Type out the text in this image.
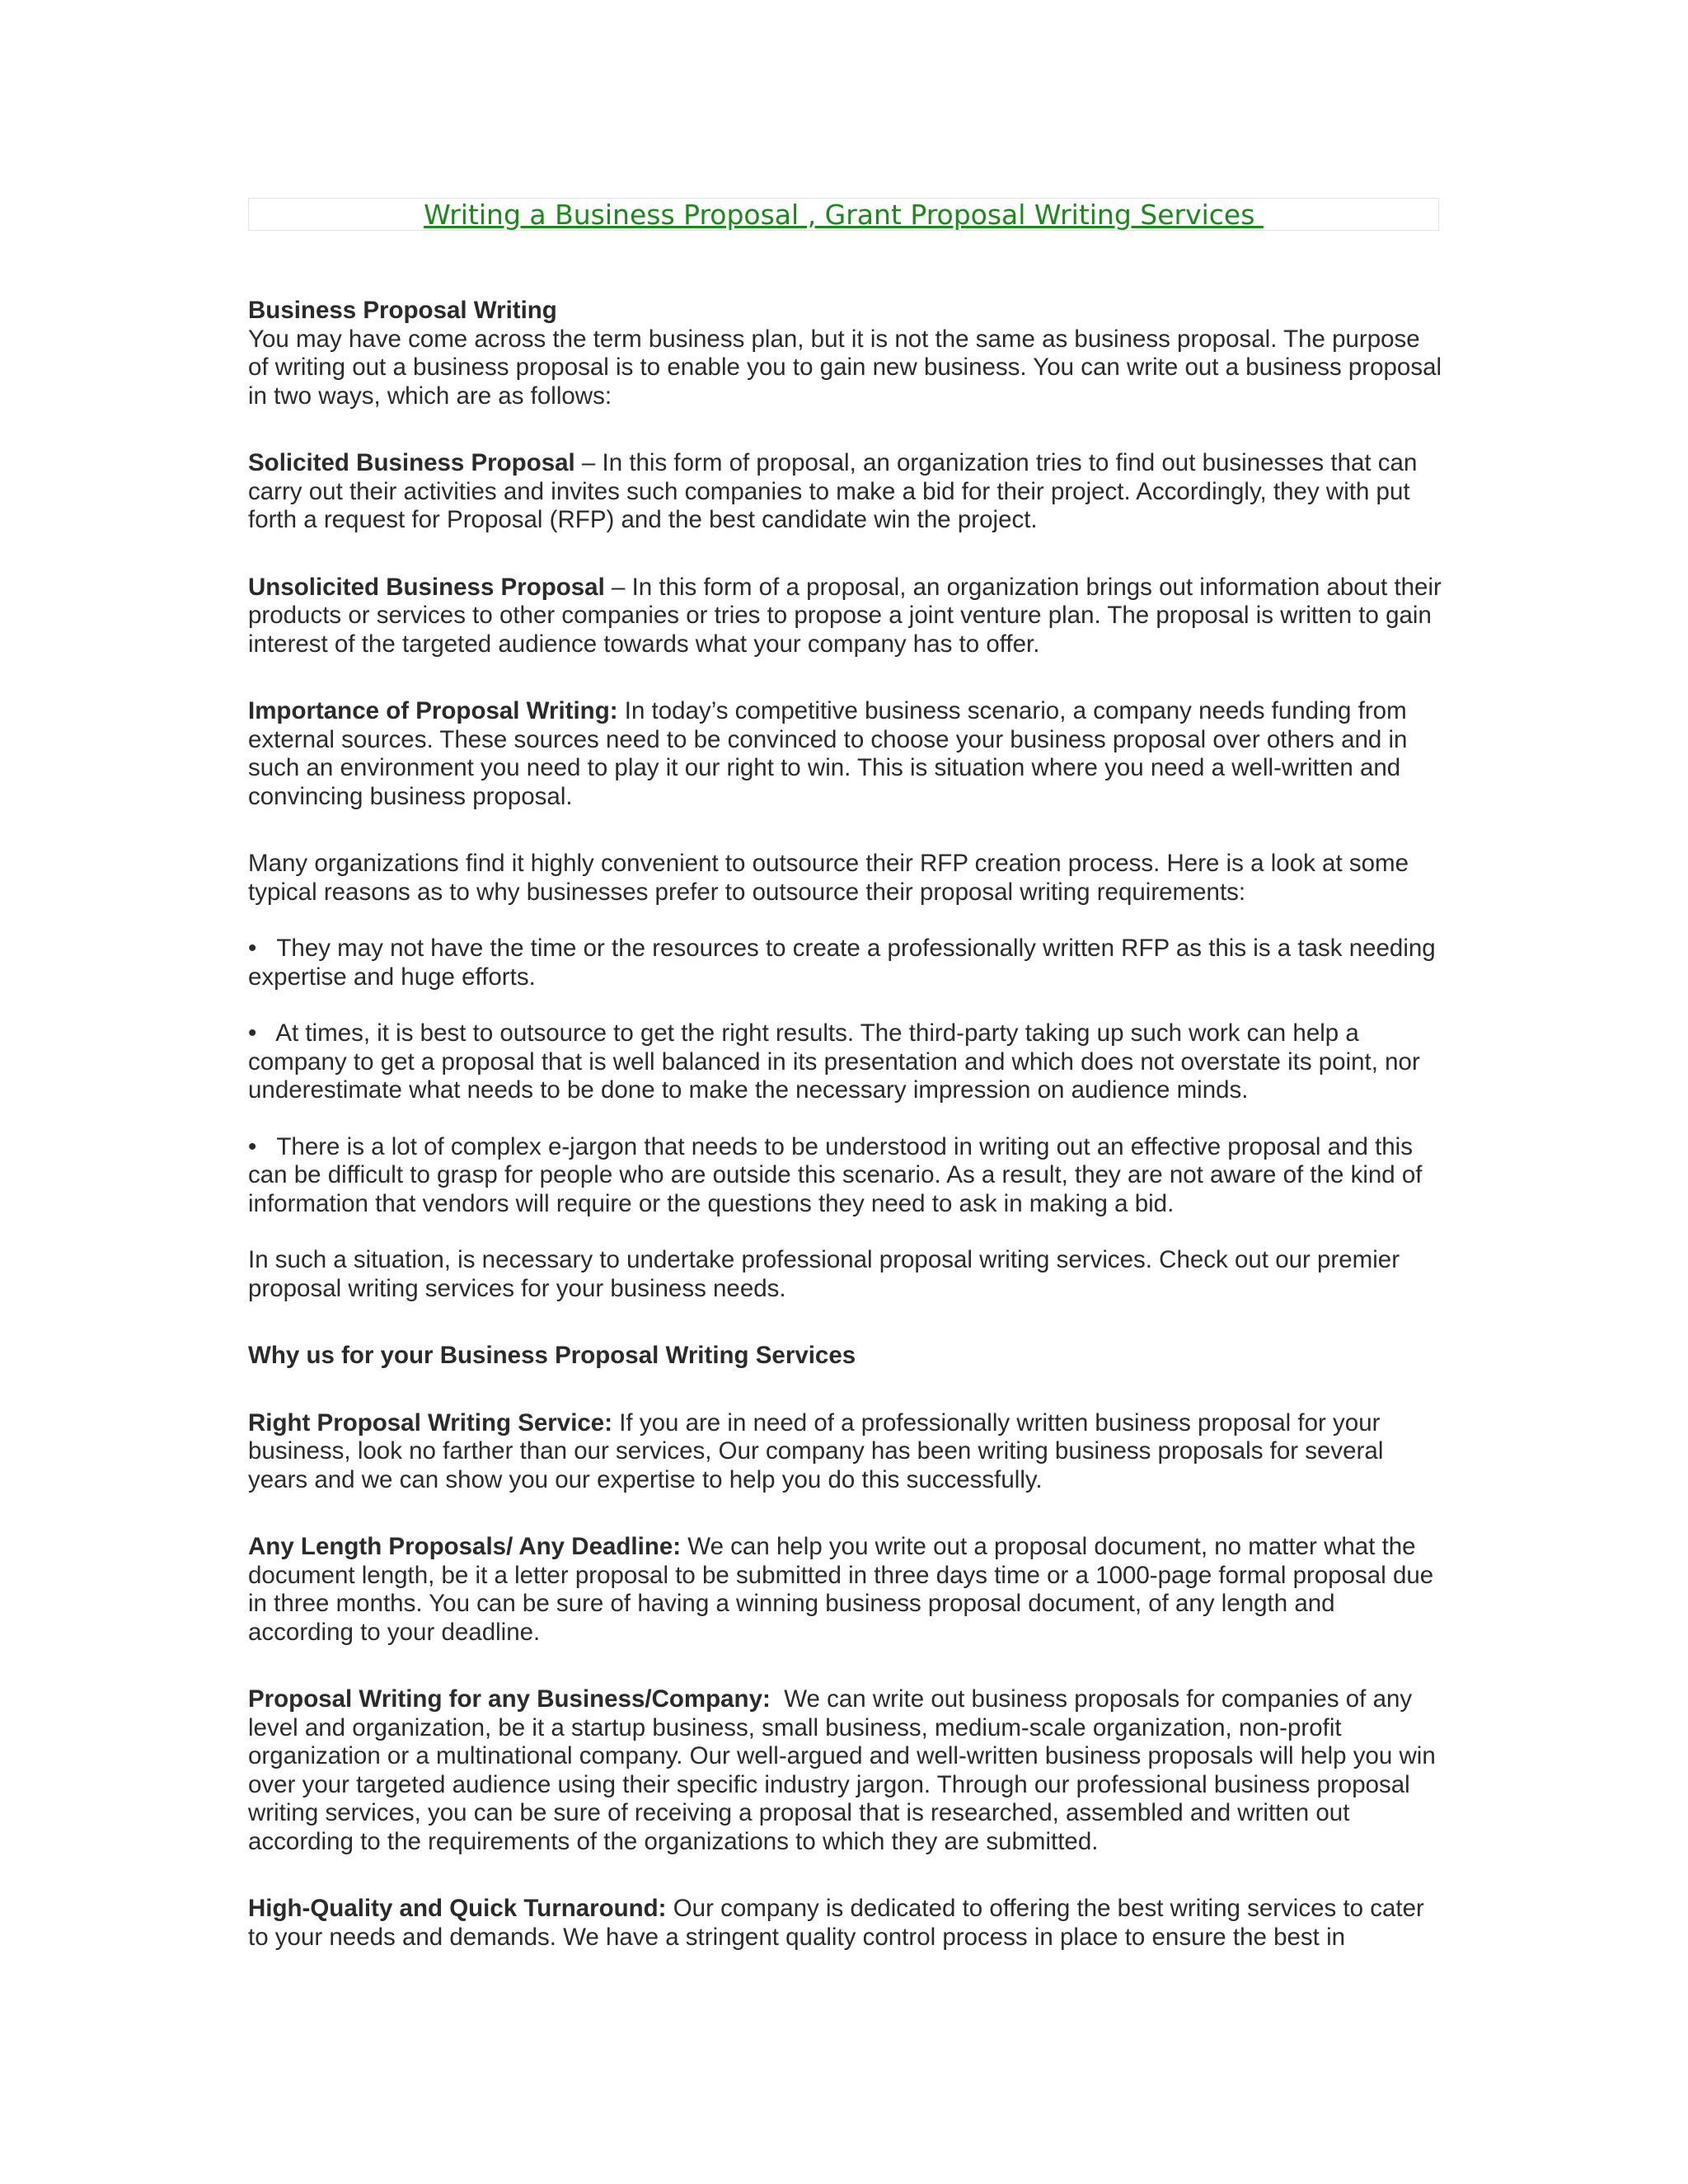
Writing a Business Proposal , Grant Proposal Writing Services

Business Proposal Writing

You may have come across the term business plan, but it is not the same as business proposal. The purpose of writing out a business proposal is to enable you to gain new business. You can write out a business proposal in two ways, which are as follows:

Solicited Business Proposal – In this form of proposal, an organization tries to find out businesses that can carry out their activities and invites such companies to make a bid for their project. Accordingly, they with put forth a request for Proposal (RFP) and the best candidate win the project.

Unsolicited Business Proposal – In this form of a proposal, an organization brings out information about their products or services to other companies or tries to propose a joint venture plan. The proposal is written to gain interest of the targeted audience towards what your company has to offer.

Importance of Proposal Writing: In today’s competitive business scenario, a company needs funding from external sources. These sources need to be convinced to choose your business proposal over others and in such an environment you need to play it our right to win. This is situation where you need a well-written and convincing business proposal.

Many organizations find it highly convenient to outsource their RFP creation process. Here is a look at some typical reasons as to why businesses prefer to outsource their proposal writing requirements:

•   They may not have the time or the resources to create a professionally written RFP as this is a task needing expertise and huge efforts.

•   At times, it is best to outsource to get the right results. The third-party taking up such work can help a company to get a proposal that is well balanced in its presentation and which does not overstate its point, nor underestimate what needs to be done to make the necessary impression on audience minds.

•   There is a lot of complex e-jargon that needs to be understood in writing out an effective proposal and this can be difficult to grasp for people who are outside this scenario. As a result, they are not aware of the kind of information that vendors will require or the questions they need to ask in making a bid.

In such a situation, is necessary to undertake professional proposal writing services. Check out our premier proposal writing services for your business needs.

Why us for your Business Proposal Writing Services

Right Proposal Writing Service: If you are in need of a professionally written business proposal for your business, look no farther than our services, Our company has been writing business proposals for several years and we can show you our expertise to help you do this successfully.

Any Length Proposals/ Any Deadline: We can help you write out a proposal document, no matter what the document length, be it a letter proposal to be submitted in three days time or a 1000-page formal proposal due in three months. You can be sure of having a winning business proposal document, of any length and according to your deadline.

Proposal Writing for any Business/Company:  We can write out business proposals for companies of any level and organization, be it a startup business, small business, medium-scale organization, non-profit organization or a multinational company. Our well-argued and well-written business proposals will help you win over your targeted audience using their specific industry jargon. Through our professional business proposal writing services, you can be sure of receiving a proposal that is researched, assembled and written out according to the requirements of the organizations to which they are submitted.

High-Quality and Quick Turnaround: Our company is dedicated to offering the best writing services to cater to your needs and demands. We have a stringent quality control process in place to ensure the best in
